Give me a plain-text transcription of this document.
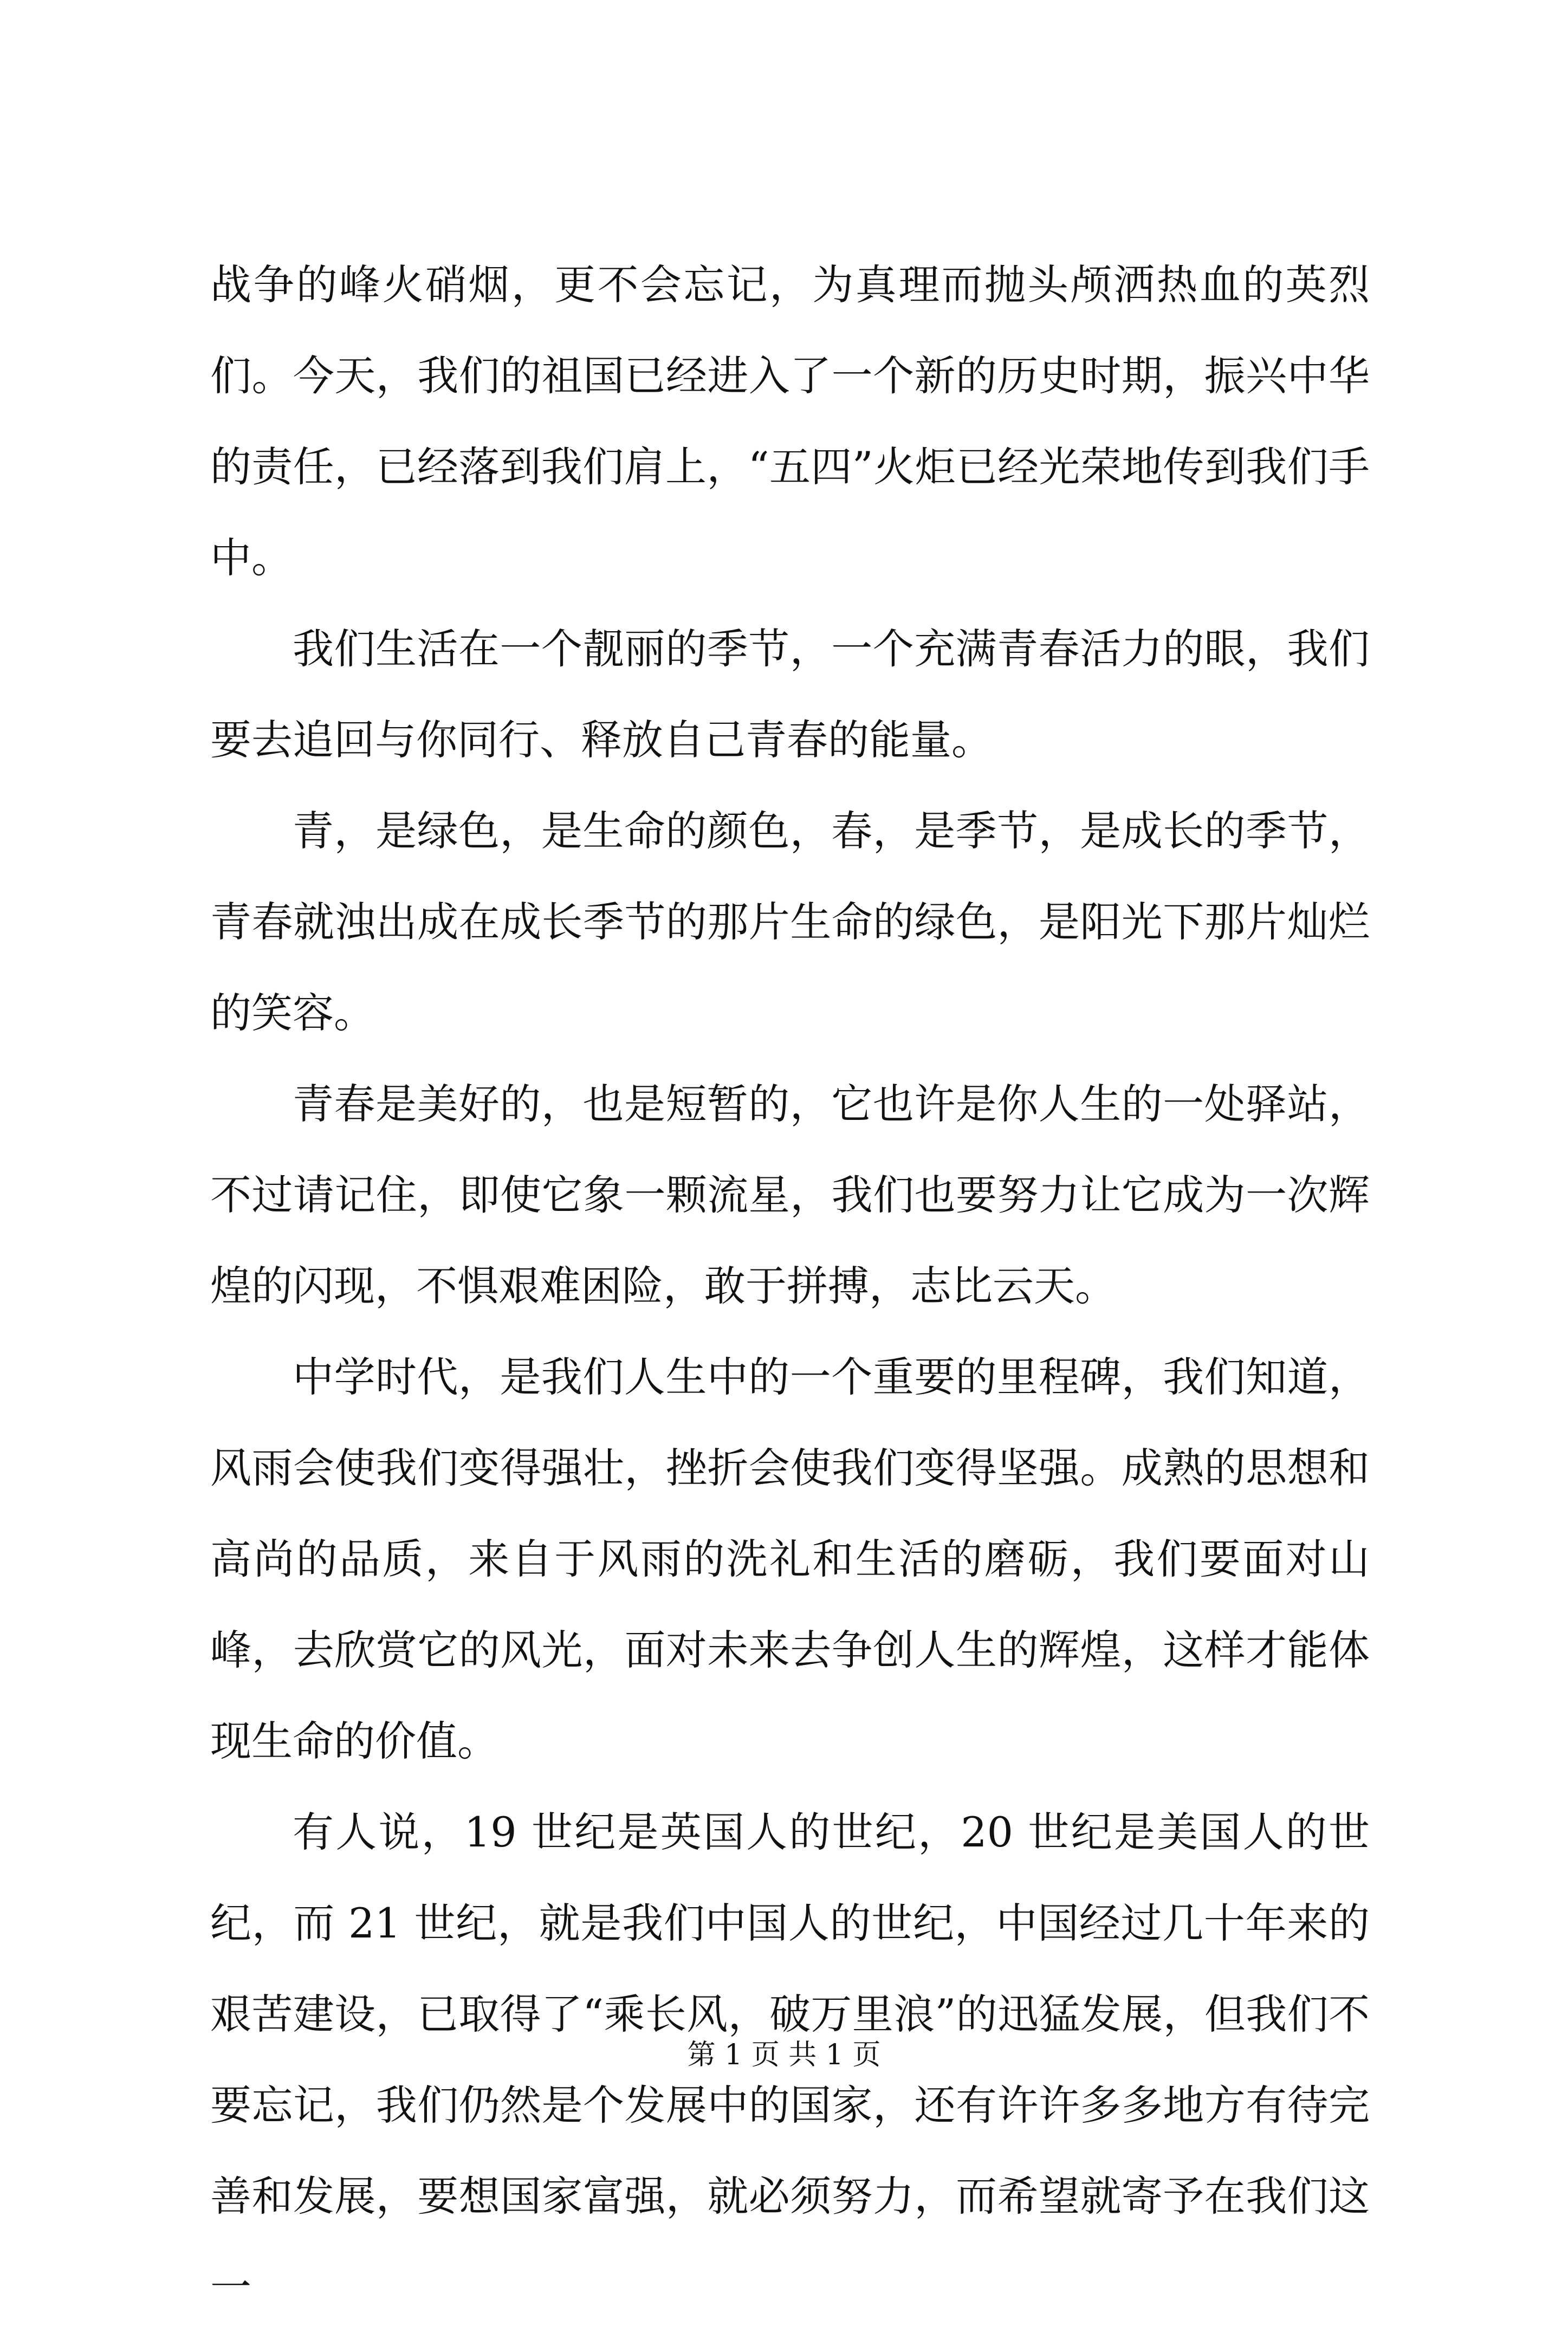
战争的峰火硝烟，更不会忘记，为真理而抛头颅洒热血的英烈们。今天，我们的祖国已经进入了一个新的历史时期，振兴中华的责任，已经落到我们肩上，“五四”火炬已经光荣地传到我们手中。

我们生活在一个靓丽的季节，一个充满青春活力的眼，我们要去追回与你同行、释放自己青春的能量。

青，是绿色，是生命的颜色，春，是季节，是成长的季节，青春就浊出成在成长季节的那片生命的绿色，是阳光下那片灿烂的笑容。

青春是美好的，也是短暂的，它也许是你人生的一处驿站，不过请记住，即使它象一颗流星，我们也要努力让它成为一次辉煌的闪现，不惧艰难困险，敢于拼搏，志比云天。

中学时代，是我们人生中的一个重要的里程碑，我们知道，风雨会使我们变得强壮，挫折会使我们变得坚强。成熟的思想和高尚的品质，来自于风雨的洗礼和生活的磨砺，我们要面对山峰，去欣赏它的风光，面对未来去争创人生的辉煌，这样才能体现生命的价值。

有人说，19 世纪是英国人的世纪，20 世纪是美国人的世纪，而 21 世纪，就是我们中国人的世纪，中国经过几十年来的艰苦建设，已取得了“乘长风，破万里浪”的迅猛发展，但我们不要忘记，我们仍然是个发展中的国家，还有许许多多地方有待完善和发展，要想国家富强，就必须努力，而希望就寄予在我们这一

第 1 页 共 1 页
